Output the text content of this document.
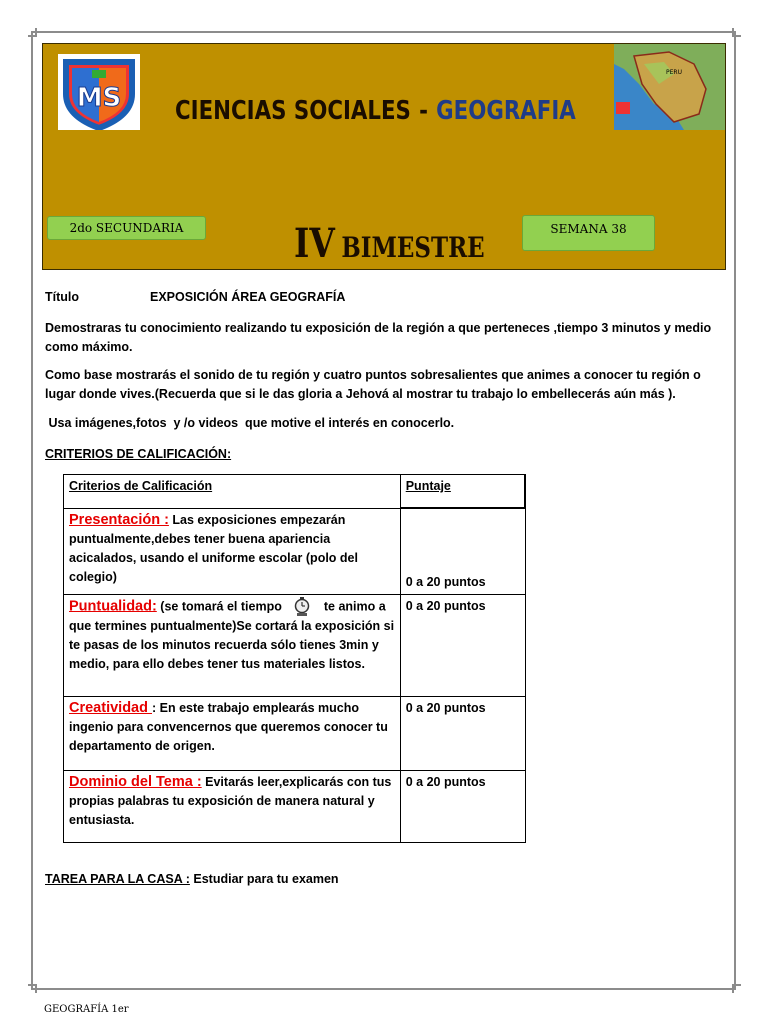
MS CIENCIAS SOCIALES - GEOGRAFIA
PERU
2do SECUNDARIA	IV BIMESTRE
SEMANA 38
Título	EXPOSICIÓN ÁREA GEOGRAFÍA
Demostraras tu conocimiento realizando tu exposición de la región a que perteneces ,tiempo 3 minutos y medio como máximo.
Como base mostrarás el sonido de tu región y cuatro puntos sobresalientes que animes a conocer tu región o lugar donde vives.(Recuerda que si le das gloria a Jehová al mostrar tu trabajo lo embellecerás aún más ).
Usa imágenes,fotos  y /o videos  que motive el interés en conocerlo.
CRITERIOS DE CALIFICACIÓN:
Criterios de Calificación	Puntaje
Presentación : Las exposiciones empezarán puntualmente,debes tener buena apariencia acicalados, usando el uniforme escolar (polo del colegio)	0 a 20 puntos
Puntualidad: (se tomará el tiempo te animo a que termines puntualmente)Se cortará la exposición si te pasas de los minutos recuerda sólo tienes 3min y medio, para ello debes tener tus materiales listos.	0 a 20 puntos
Creatividad : En este trabajo emplearás mucho ingenio para convencernos que queremos conocer tu departamento de origen.	0 a 20 puntos
Dominio del Tema : Evitarás leer,explicarás con tus propias palabras tu exposición de manera natural y entusiasta.	0 a 20 puntos
TAREA PARA LA CASA : Estudiar para tu examen
GEOGRAFÍA 1er
